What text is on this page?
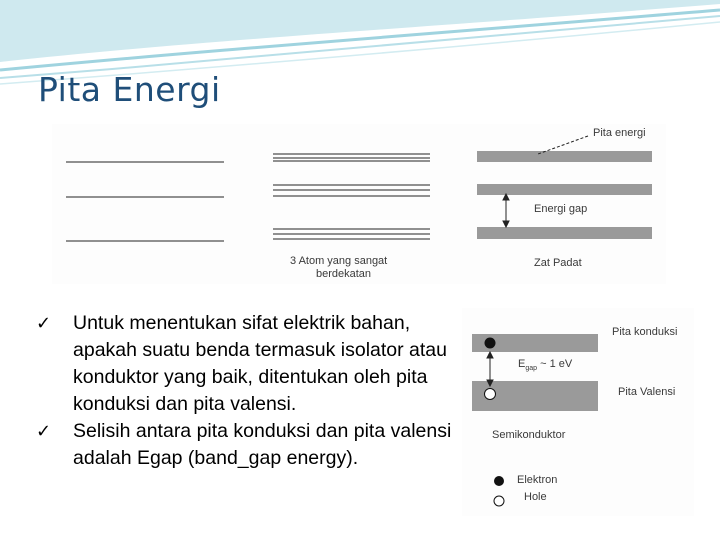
Pita Energi
Pita energi
Energi gap
3 Atom yang sangat
berdekatan
Zat Padat
✓ Untuk menentukan sifat elektrik bahan, apakah suatu benda termasuk isolator atau konduktor yang baik, ditentukan oleh pita konduksi dan pita valensi.
✓ Selisih antara pita konduksi dan pita valensi adalah Egap (band_gap energy).
Pita konduksi
$E_{gap}$ ~ 1 eV
Pita Valensi
Semikonduktor
Elektron
Hole
